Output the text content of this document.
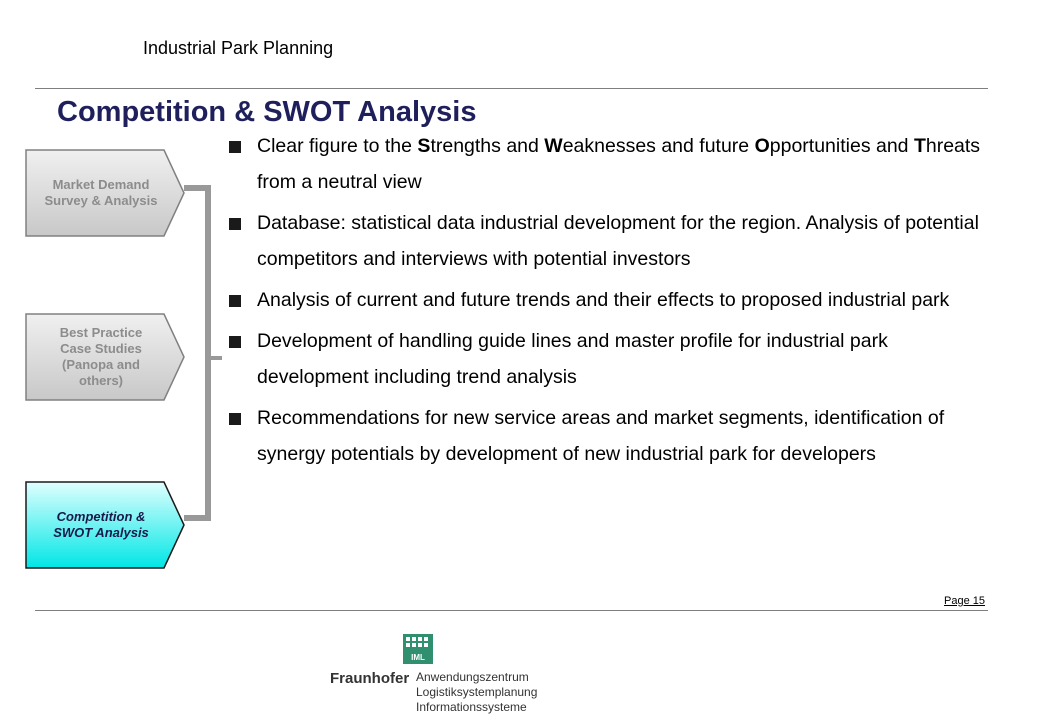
Industrial Park Planning
Competition & SWOT Analysis
Market Demand
Survey & Analysis
Best Practice
Case Studies
(Panopa and
others)
Competition &
SWOT Analysis
Clear figure to the Strengths and Weaknesses and future Opportunities and Threats from a neutral view
Database: statistical data industrial development for the region. Analysis of potential competitors and interviews with potential investors
Analysis of current and future trends and their effects to proposed industrial park
Development of handling guide lines and master profile for industrial park development including trend analysis
Recommendations for new service areas and market segments, identification of synergy potentials by development of new industrial park for developers
Page 15
IML
Fraunhofer Anwendungszentrum
Logistiksystemplanung
Informationssysteme
